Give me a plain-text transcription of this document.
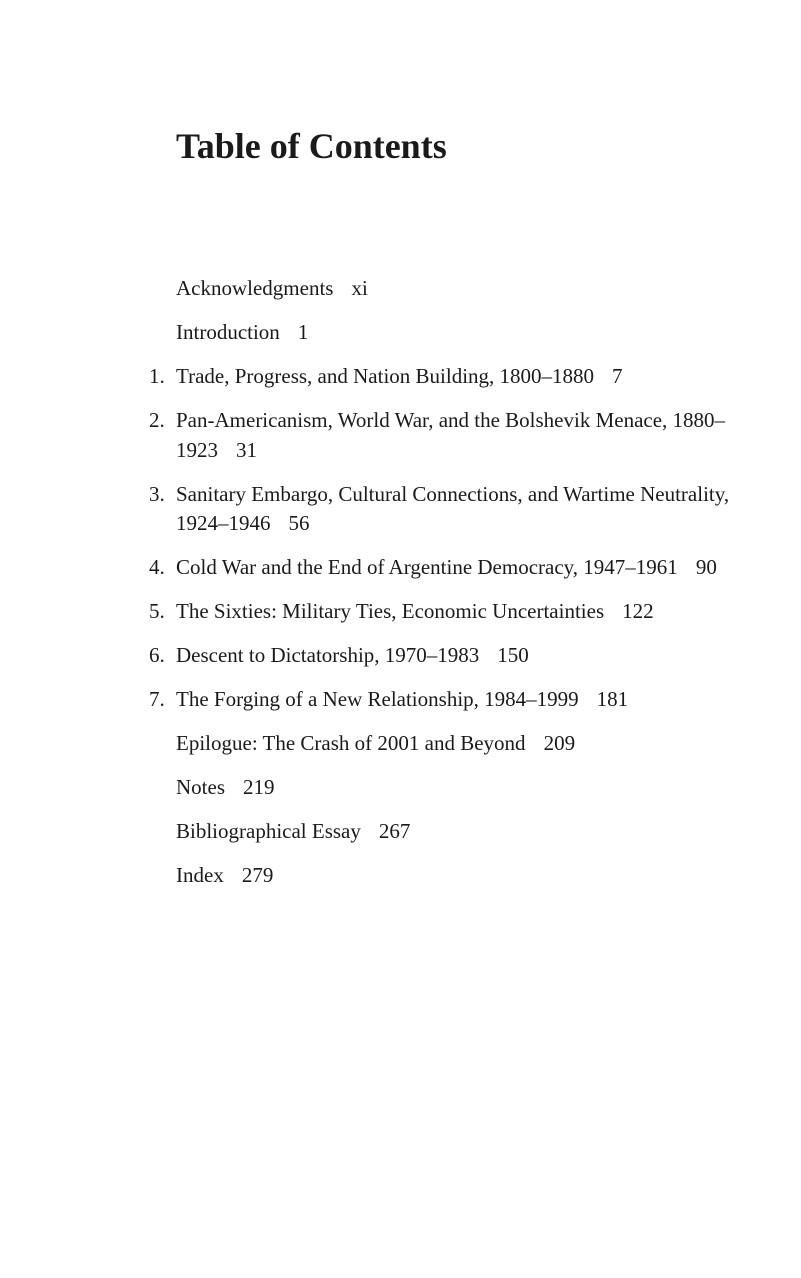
Table of Contents
Acknowledgments xi
Introduction 1
1. Trade, Progress, and Nation Building, 1800–1880 7
2. Pan-Americanism, World War, and the Bolshevik Menace, 1880–1923 31
3. Sanitary Embargo, Cultural Connections, and Wartime Neutrality, 1924–1946 56
4. Cold War and the End of Argentine Democracy, 1947–1961 90
5. The Sixties: Military Ties, Economic Uncertainties 122
6. Descent to Dictatorship, 1970–1983 150
7. The Forging of a New Relationship, 1984–1999 181
Epilogue: The Crash of 2001 and Beyond 209
Notes 219
Bibliographical Essay 267
Index 279
